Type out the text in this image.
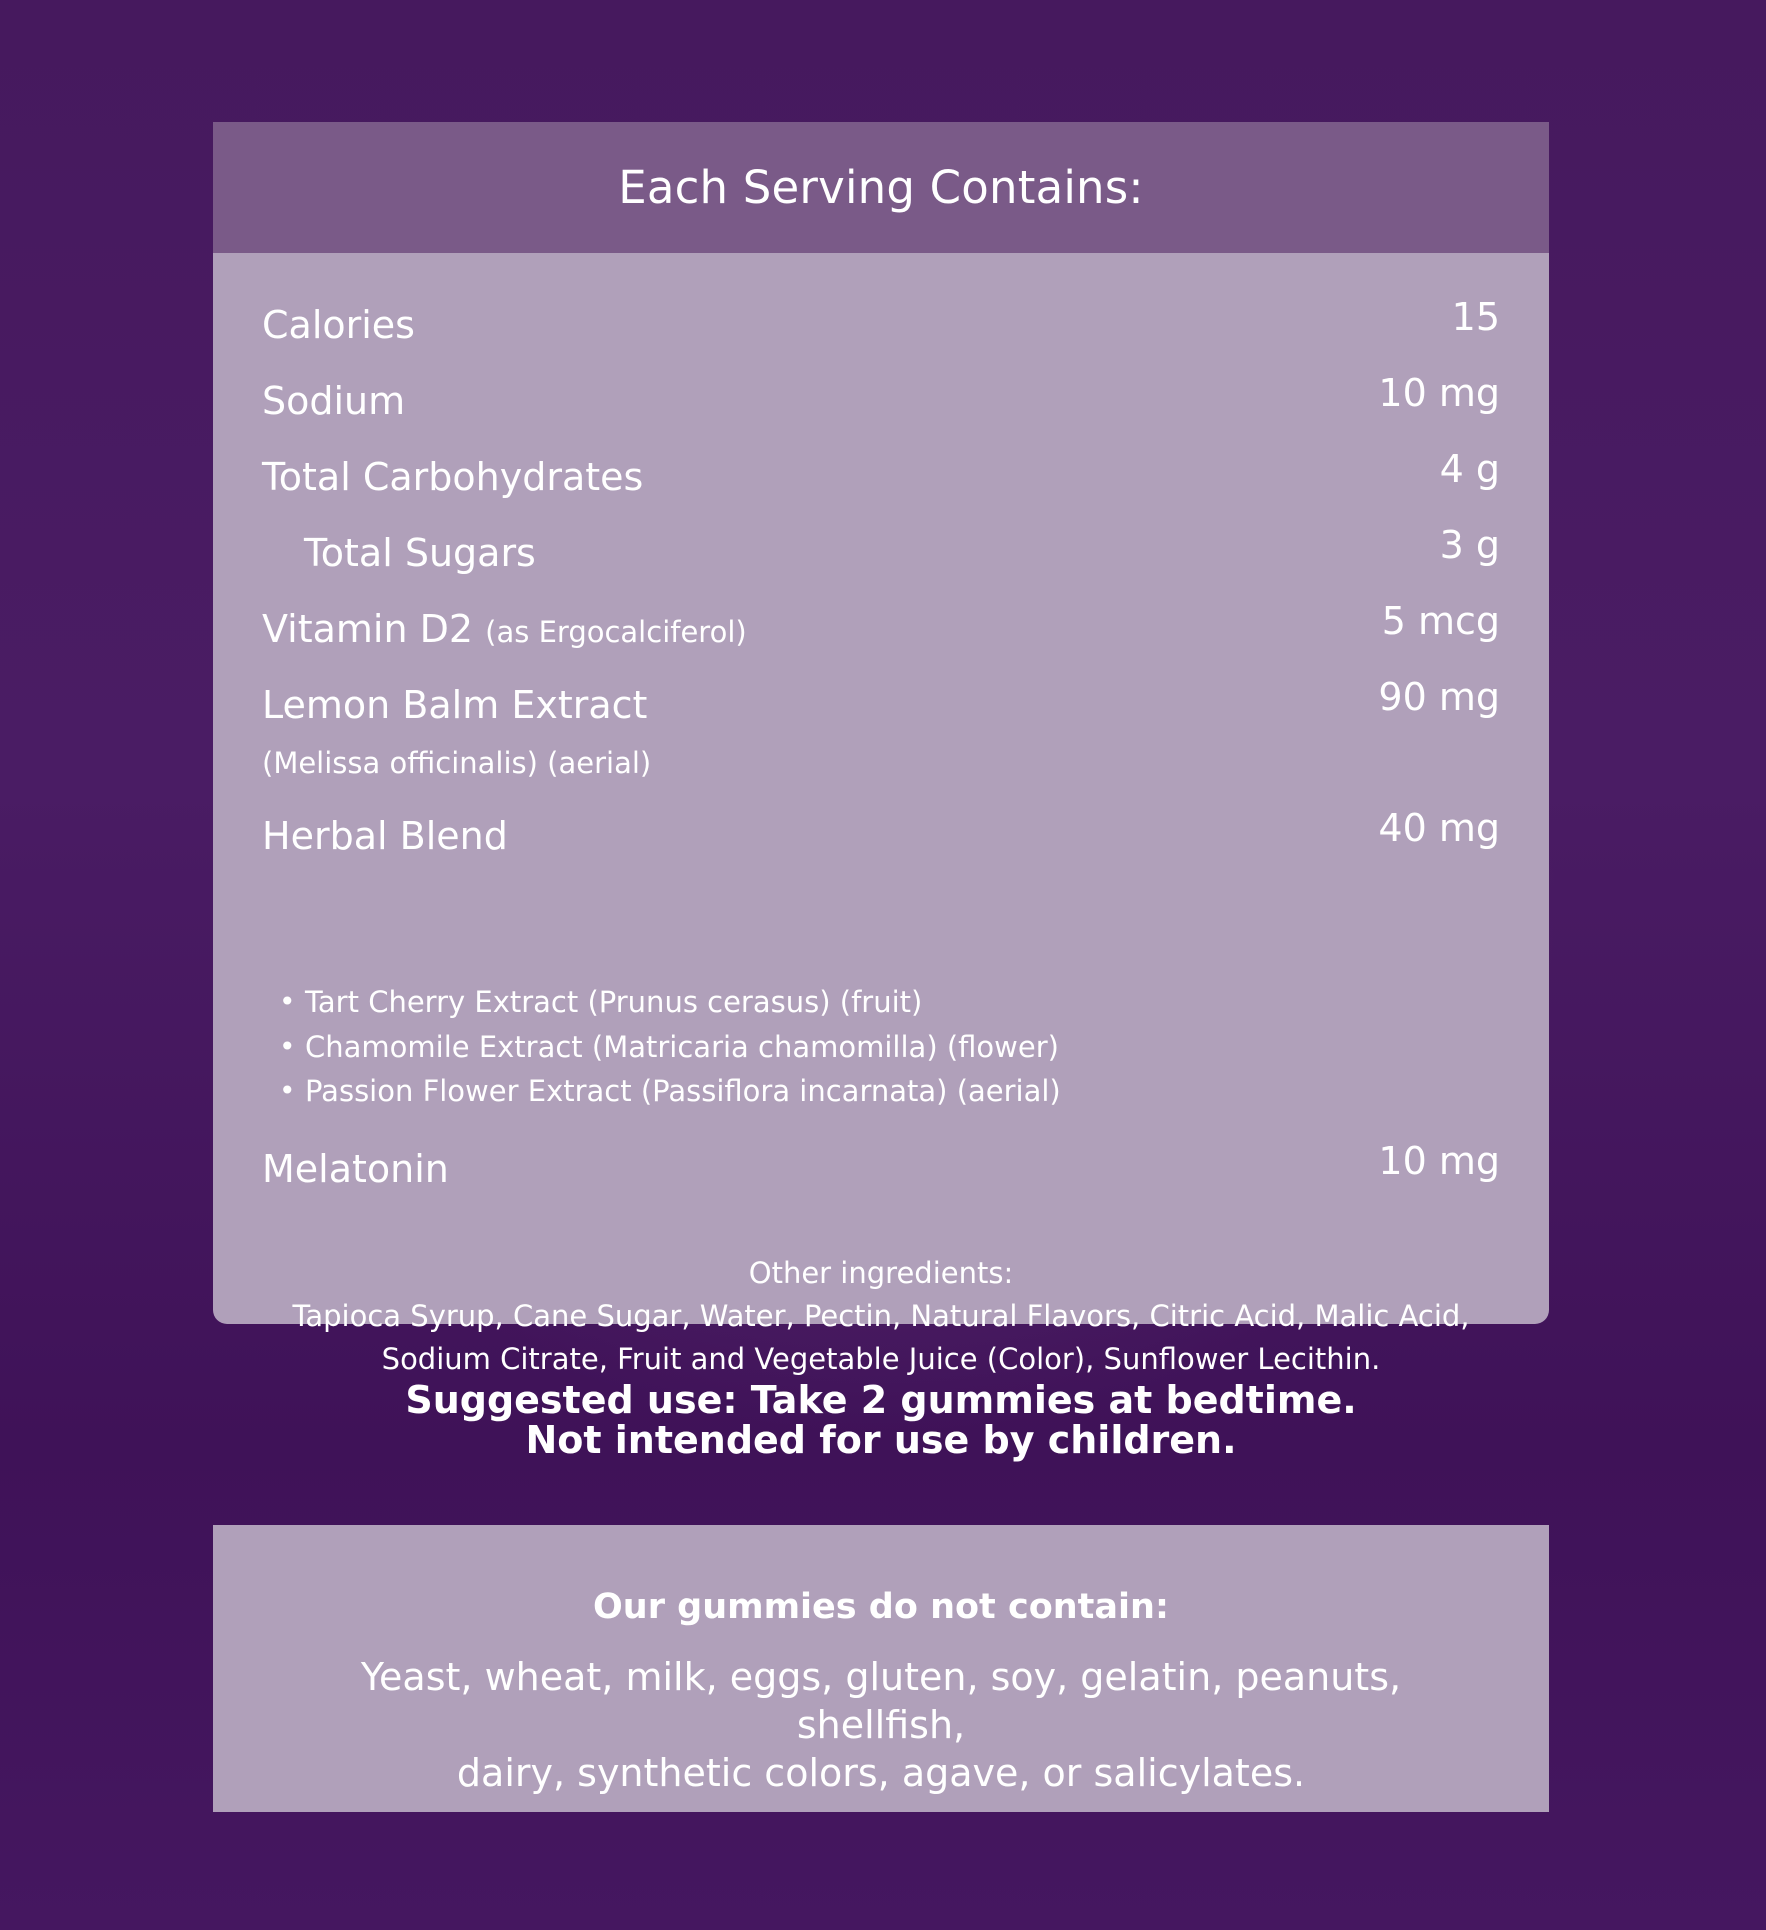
Each Serving Contains:
Calories	15
Sodium	10 mg
Total Carbohydrates	4 g
Total Sugars	3 g
Vitamin D2 (as Ergocalciferol)	5 mcg
Lemon Balm Extract	90 mg
(Melissa officinalis) (aerial)
Herbal Blend	40 mg
• Tart Cherry Extract (Prunus cerasus) (fruit)
• Chamomile Extract (Matricaria chamomilla) (flower)
• Passion Flower Extract (Passiflora incarnata) (aerial)
Melatonin	10 mg
Other ingredients:
Tapioca Syrup, Cane Sugar, Water, Pectin, Natural Flavors, Citric Acid, Malic Acid,
Sodium Citrate, Fruit and Vegetable Juice (Color), Sunflower Lecithin.
Suggested use: Take 2 gummies at bedtime.
Not intended for use by children.
Our gummies do not contain:
Yeast, wheat, milk, eggs, gluten, soy, gelatin, peanuts, shellfish,
dairy, synthetic colors, agave, or salicylates.
